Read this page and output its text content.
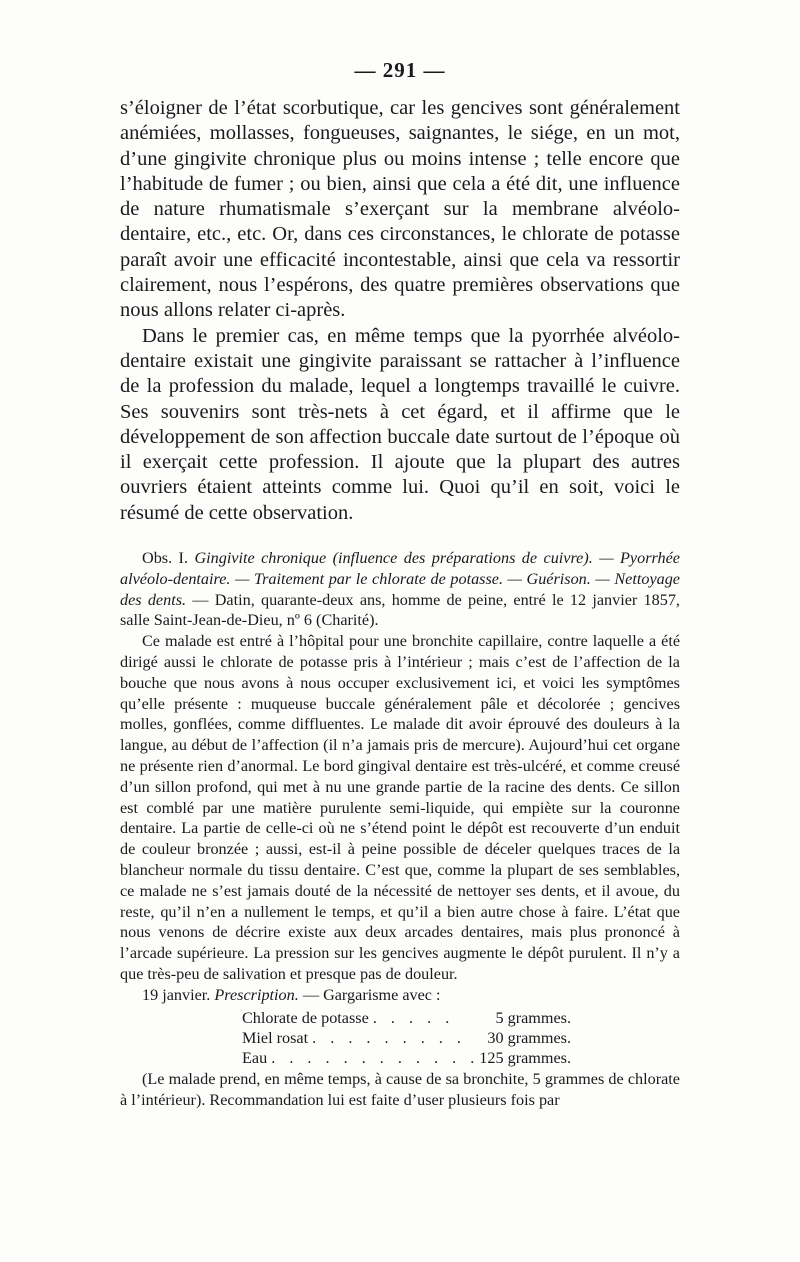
— 291 —

s’éloigner de l’état scorbutique, car les gencives sont généralement anémiées, mollasses, fongueuses, saignantes, le siége, en un mot, d’une gingivite chronique plus ou moins intense ; telle encore que l’habitude de fumer ; ou bien, ainsi que cela a été dit, une influence de nature rhumatismale s’exerçant sur la membrane alvéolo-dentaire, etc., etc. Or, dans ces circonstances, le chlorate de potasse paraît avoir une efficacité incontestable, ainsi que cela va ressortir clairement, nous l’espérons, des quatre premières observations que nous allons relater ci-après.

Dans le premier cas, en même temps que la pyorrhée alvéolo-dentaire existait une gingivite paraissant se rattacher à l’influence de la profession du malade, lequel a longtemps travaillé le cuivre. Ses souvenirs sont très-nets à cet égard, et il affirme que le développement de son affection buccale date surtout de l’époque où il exerçait cette profession. Il ajoute que la plupart des autres ouvriers étaient atteints comme lui. Quoi qu’il en soit, voici le résumé de cette observation.

Obs. I. Gingivite chronique (influence des préparations de cuivre). — Pyorrhée alvéolo-dentaire. — Traitement par le chlorate de potasse. — Guérison. — Nettoyage des dents. — Datin, quarante-deux ans, homme de peine, entré le 12 janvier 1857, salle Saint-Jean-de-Dieu, nº 6 (Charité).

Ce malade est entré à l’hôpital pour une bronchite capillaire, contre laquelle a été dirigé aussi le chlorate de potasse pris à l’intérieur ; mais c’est de l’affection de la bouche que nous avons à nous occuper exclusivement ici, et voici les symptômes qu’elle présente : muqueuse buccale généralement pâle et décolorée ; gencives molles, gonflées, comme diffluentes. Le malade dit avoir éprouvé des douleurs à la langue, au début de l’affection (il n’a jamais pris de mercure). Aujourd’hui cet organe ne présente rien d’anormal. Le bord gingival dentaire est très-ulcéré, et comme creusé d’un sillon profond, qui met à nu une grande partie de la racine des dents. Ce sillon est comblé par une matière purulente semi-liquide, qui empiète sur la couronne dentaire. La partie de celle-ci où ne s’étend point le dépôt est recouverte d’un enduit de couleur bronzée ; aussi, est-il à peine possible de déceler quelques traces de la blancheur normale du tissu dentaire. C’est que, comme la plupart de ses semblables, ce malade ne s’est jamais douté de la nécessité de nettoyer ses dents, et il avoue, du reste, qu’il n’en a nullement le temps, et qu’il a bien autre chose à faire. L’état que nous venons de décrire existe aux deux arcades dentaires, mais plus prononcé à l’arcade supérieure. La pression sur les gencives augmente le dépôt purulent. Il n’y a que très-peu de salivation et presque pas de douleur.

19 janvier. Prescription. — Gargarisme avec :

Chlorate de potasse . . . . .	5 grammes.
Miel rosat . . . . . . . . .	30 grammes.
Eau . . . . . . . . . . . .	125 grammes.

(Le malade prend, en même temps, à cause de sa bronchite, 5 grammes de chlorate à l’intérieur). Recommandation lui est faite d’user plusieurs fois par
